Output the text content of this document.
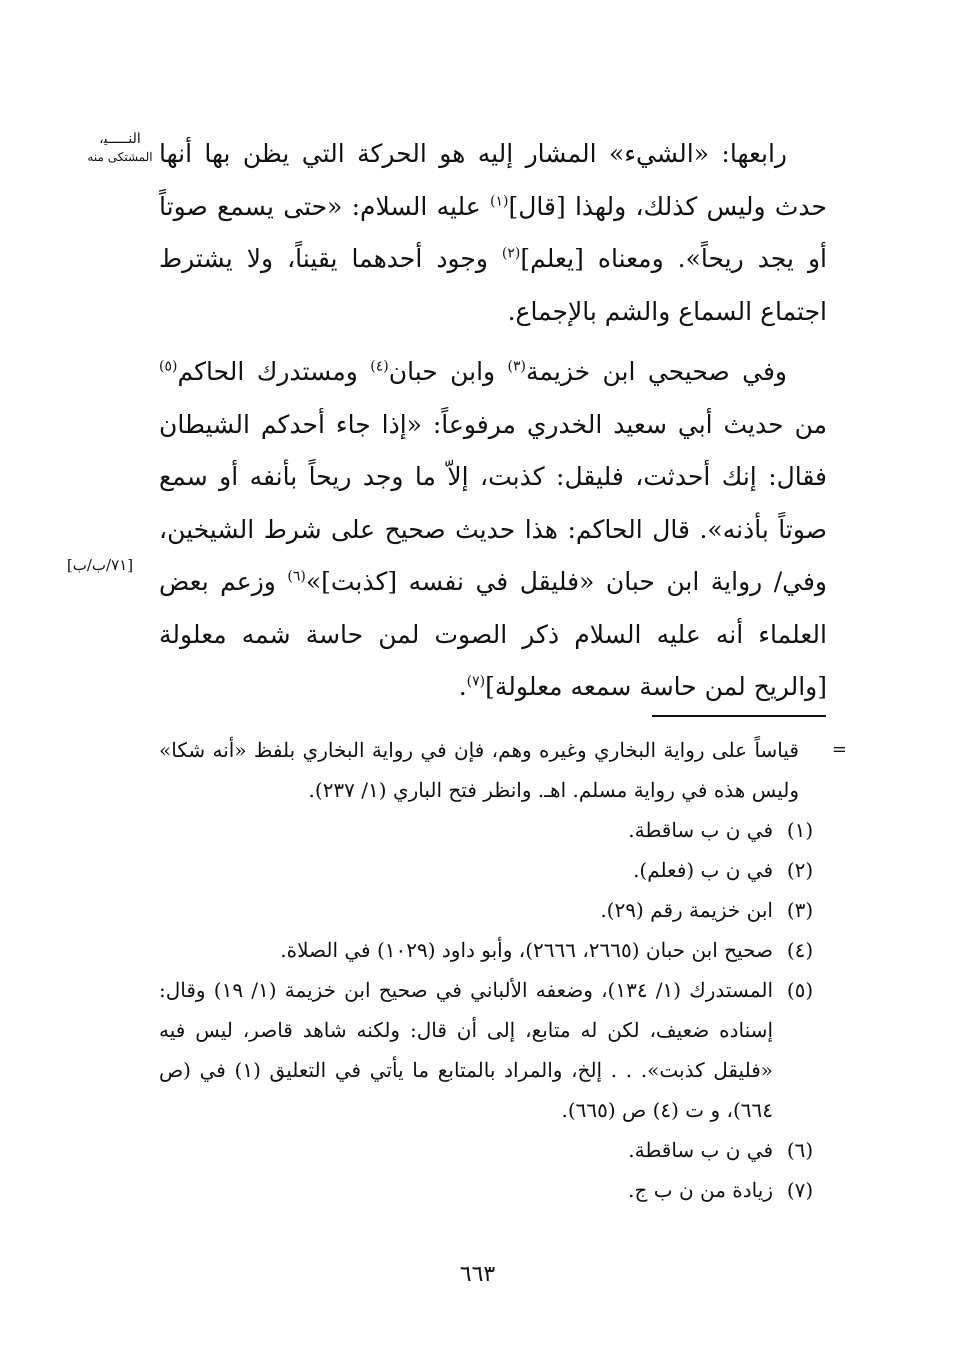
النـــــي‍،
المشتكى منه
[٧١/ب/ب]

رابعها: «الشيء» المشار إليه هو الحركة التي يظن بها أنها حدث وليس كذلك، ولهذا [قال]$^{(١)}$ عليه السلام: «حتى يسمع صوتاً أو يجد ريحاً». ومعناه [يعلم]$^{(٢)}$ وجود أحدهما يقيناً، ولا يشترط اجتماع السماع والشم بالإجماع.

وفي صحيحي ابن خزيمة$^{(٣)}$ وابن حبان$^{(٤)}$ ومستدرك الحاكم$^{(٥)}$ من حديث أبي سعيد الخدري مرفوعاً: «إذا جاء أحدكم الشيطان فقال: إنك أحدثت، فليقل: كذبت، إلاّ ما وجد ريحاً بأنفه أو سمع صوتاً بأذنه». قال الحاكم: هذا حديث صحيح على شرط الشيخين، وفي/ رواية ابن حبان «فليقل في نفسه [كذبت]»$^{(٦)}$ وزعم بعض العلماء أنه عليه السلام ذكر الصوت لمن حاسة شمه معلولة [والريح لمن حاسة سمعه معلولة]$^{(٧)}$.

=
قياساً على رواية البخاري وغيره وهم، فإن في رواية البخاري بلفظ «أنه شكا» وليس هذه في رواية مسلم. اهـ. وانظر فتح الباري (١/ ٢٣٧).

(١)
في ن ب ساقطة.
(٢)
في ن ب (فعلم).
(٣)
ابن خزيمة رقم (٢٩).
(٤)
صحيح ابن حبان (٢٦٦٥، ٢٦٦٦)، وأبو داود (١٠٢٩) في الصلاة.
(٥)
المستدرك (١/ ١٣٤)، وضعفه الألباني في صحيح ابن خزيمة (١/ ١٩) وقال: إسناده ضعيف، لكن له متابع، إلى أن قال: ولكنه شاهد قاصر، ليس فيه «فليقل كذبت». . . إلخ، والمراد بالمتابع ما يأتي في التعليق (١) في (ص ٦٦٤)، و ت (٤) ص (٦٦٥).
(٦)
في ن ب ساقطة.
(٧)
زيادة من ن ب ج.
٦٦٣
